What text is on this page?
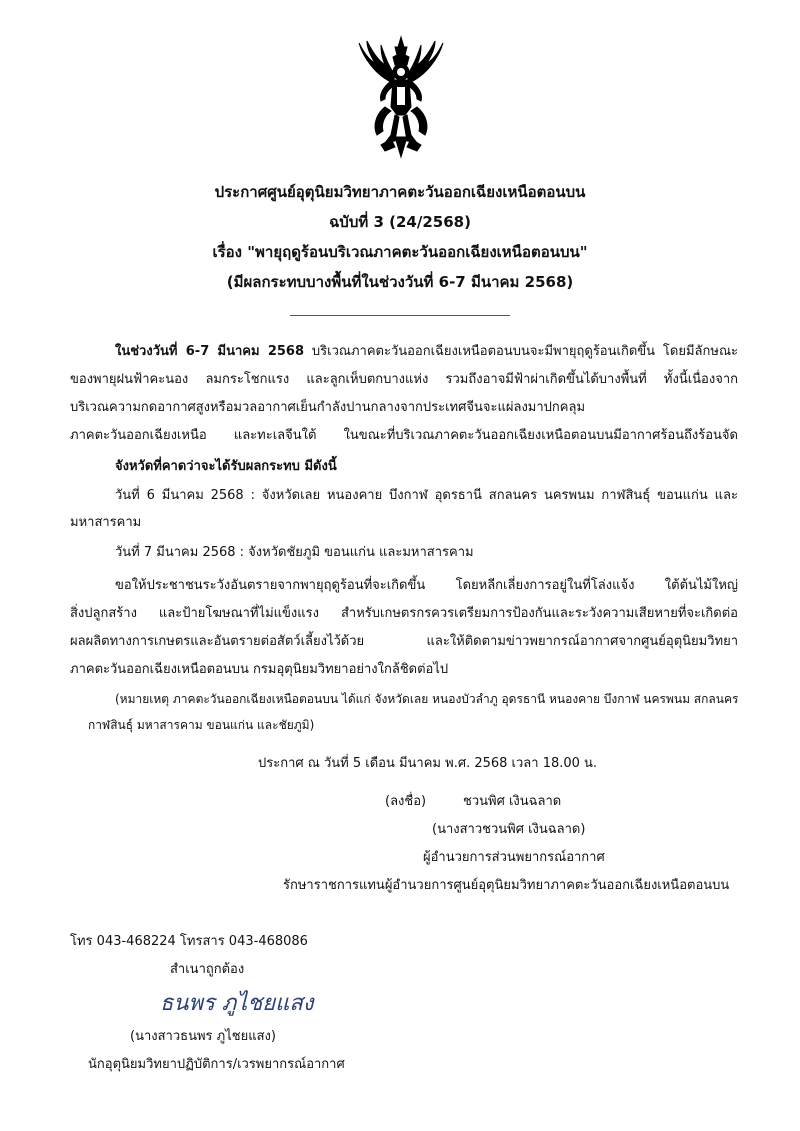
ประกาศศูนย์อุตุนิยมวิทยาภาคตะวันออกเฉียงเหนือตอนบน
ฉบับที่ 3 (24/2568)
เรื่อง "พายุฤดูร้อนบริเวณภาคตะวันออกเฉียงเหนือตอนบน"
(มีผลกระทบบางพื้นที่ในช่วงวันที่ 6-7 มีนาคม 2568)
ในช่วงวันที่ 6-7 มีนาคม 2568 บริเวณภาคตะวันออกเฉียงเหนือตอนบนจะมีพายุฤดูร้อนเกิดขึ้น โดยมีลักษณะ
ของพายุฝนฟ้าคะนอง ลมกระโชกแรง และลูกเห็บตกบางแห่ง รวมถึงอาจมีฟ้าผ่าเกิดขึ้นได้บางพื้นที่ ทั้งนี้เนื่องจาก
บริเวณความกดอากาศสูงหรือมวลอากาศเย็นกำลังปานกลางจากประเทศจีนจะแผ่ลงมาปกคลุม
ภาคตะวันออกเฉียงเหนือ และทะเลจีนใต้ ในขณะที่บริเวณภาคตะวันออกเฉียงเหนือตอนบนมีอากาศร้อนถึงร้อนจัด
จังหวัดที่คาดว่าจะได้รับผลกระทบ มีดังนี้
วันที่ 6 มีนาคม 2568 : จังหวัดเลย หนองคาย บึงกาฬ อุดรธานี สกลนคร นครพนม กาฬสินธุ์ ขอนแก่น และ
มหาสารคาม
วันที่ 7 มีนาคม 2568 : จังหวัดชัยภูมิ ขอนแก่น และมหาสารคาม
ขอให้ประชาชนระวังอันตรายจากพายุฤดูร้อนที่จะเกิดขึ้น โดยหลีกเลี่ยงการอยู่ในที่โล่งแจ้ง ใต้ต้นไม้ใหญ่
สิ่งปลูกสร้าง และป้ายโฆษณาที่ไม่แข็งแรง สำหรับเกษตรกรควรเตรียมการป้องกันและระวังความเสียหายที่จะเกิดต่อ
ผลผลิตทางการเกษตรและอันตรายต่อสัตว์เลี้ยงไว้ด้วย และให้ติดตามข่าวพยากรณ์อากาศจากศูนย์อุตุนิยมวิทยา
ภาคตะวันออกเฉียงเหนือตอนบน กรมอุตุนิยมวิทยาอย่างใกล้ชิดต่อไป
(หมายเหตุ ภาคตะวันออกเฉียงเหนือตอนบน ได้แก่ จังหวัดเลย หนองบัวลำภู อุดรธานี หนองคาย บึงกาฬ นครพนม สกลนคร
กาฬสินธุ์ มหาสารคาม ขอนแก่น และชัยภูมิ)
ประกาศ ณ วันที่ 5 เดือน มีนาคม พ.ศ. 2568 เวลา 18.00 น.
(ลงชื่อ)	ชวนพิศ เงินฉลาด
(นางสาวชวนพิศ เงินฉลาด)
ผู้อำนวยการส่วนพยากรณ์อากาศ
รักษาราชการแทนผู้อำนวยการศูนย์อุตุนิยมวิทยาภาคตะวันออกเฉียงเหนือตอนบน
โทร 043-468224 โทรสาร 043-468086
สำเนาถูกต้อง
ธนพร ภูไชยแสง
(นางสาวธนพร ภูไชยแสง)
นักอุตุนิยมวิทยาปฏิบัติการ/เวรพยากรณ์อากาศ
